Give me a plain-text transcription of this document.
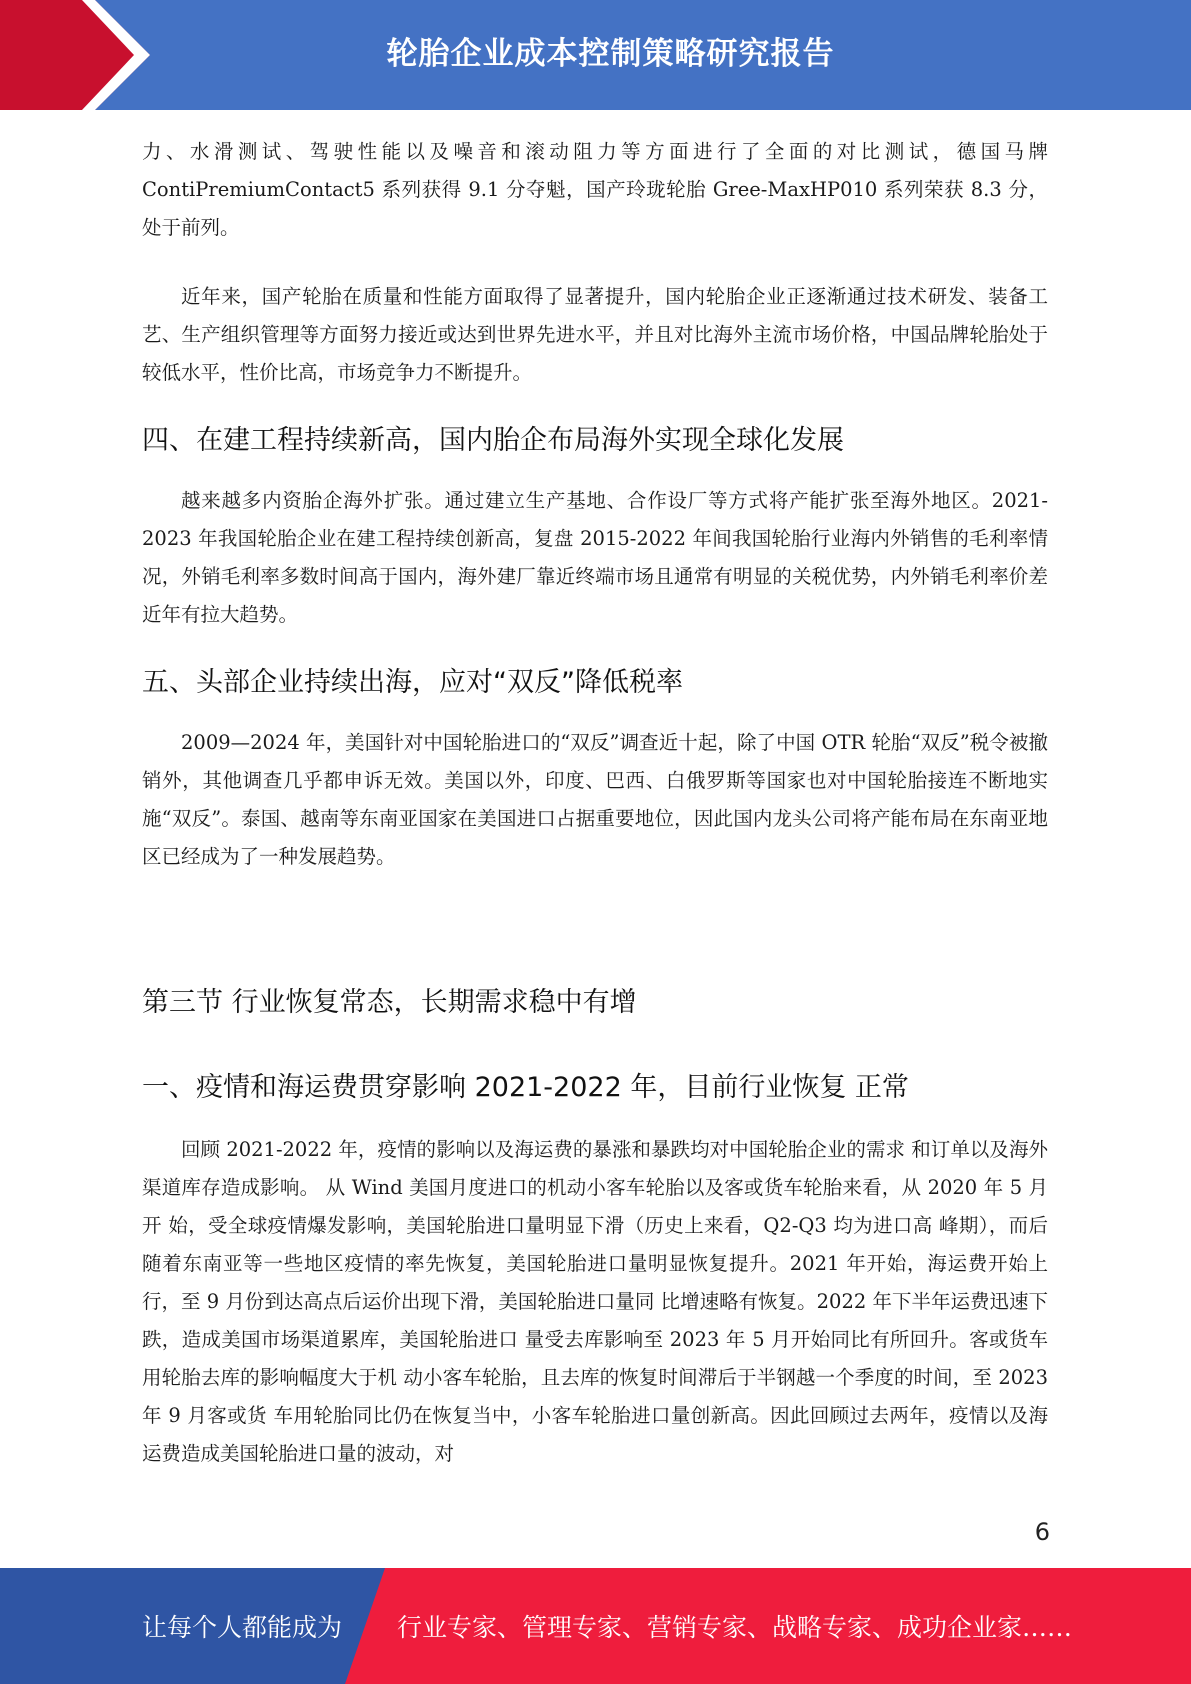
轮胎企业成本控制策略研究报告

力、水滑测试、驾驶性能以及噪音和滚动阻力等方面进行了全面的对比测试，德国马牌ContiPremiumContact5 系列获得 9.1 分夺魁，国产玲珑轮胎 Gree-MaxHP010 系列荣获 8.3 分，处于前列。

近年来，国产轮胎在质量和性能方面取得了显著提升，国内轮胎企业正逐渐通过技术研发、装备工艺、生产组织管理等方面努力接近或达到世界先进水平，并且对比海外主流市场价格，中国品牌轮胎处于较低水平，性价比高，市场竞争力不断提升。

四、在建工程持续新高，国内胎企布局海外实现全球化发展

越来越多内资胎企海外扩张。通过建立生产基地、合作设厂等方式将产能扩张至海外地区。2021-2023 年我国轮胎企业在建工程持续创新高，复盘 2015-2022 年间我国轮胎行业海内外销售的毛利率情况，外销毛利率多数时间高于国内，海外建厂靠近终端市场且通常有明显的关税优势，内外销毛利率价差近年有拉大趋势。

五、头部企业持续出海，应对“双反”降低税率

2009—2024 年，美国针对中国轮胎进口的“双反”调查近十起，除了中国 OTR 轮胎“双反”税令被撤销外，其他调查几乎都申诉无效。美国以外，印度、巴西、白俄罗斯等国家也对中国轮胎接连不断地实施“双反”。泰国、越南等东南亚国家在美国进口占据重要地位，因此国内龙头公司将产能布局在东南亚地区已经成为了一种发展趋势。

第三节 行业恢复常态，长期需求稳中有增
一、疫情和海运费贯穿影响 2021-2022 年，目前行业恢复 正常

回顾 2021-2022 年，疫情的影响以及海运费的暴涨和暴跌均对中国轮胎企业的需求 和订单以及海外渠道库存造成影响。 从 Wind 美国月度进口的机动小客车轮胎以及客或货车轮胎来看，从 2020 年 5 月开 始，受全球疫情爆发影响，美国轮胎进口量明显下滑（历史上来看，Q2-Q3 均为进口高 峰期），而后随着东南亚等一些地区疫情的率先恢复，美国轮胎进口量明显恢复提升。2021 年开始，海运费开始上行，至 9 月份到达高点后运价出现下滑，美国轮胎进口量同 比增速略有恢复。2022 年下半年运费迅速下跌，造成美国市场渠道累库，美国轮胎进口 量受去库影响至 2023 年 5 月开始同比有所回升。客或货车用轮胎去库的影响幅度大于机 动小客车轮胎，且去库的恢复时间滞后于半钢越一个季度的时间，至 2023 年 9 月客或货 车用轮胎同比仍在恢复当中，小客车轮胎进口量创新高。因此回顾过去两年，疫情以及海 运费造成美国轮胎进口量的波动，对

6
让每个人都能成为 行业专家、管理专家、营销专家、战略专家、成功企业家……
